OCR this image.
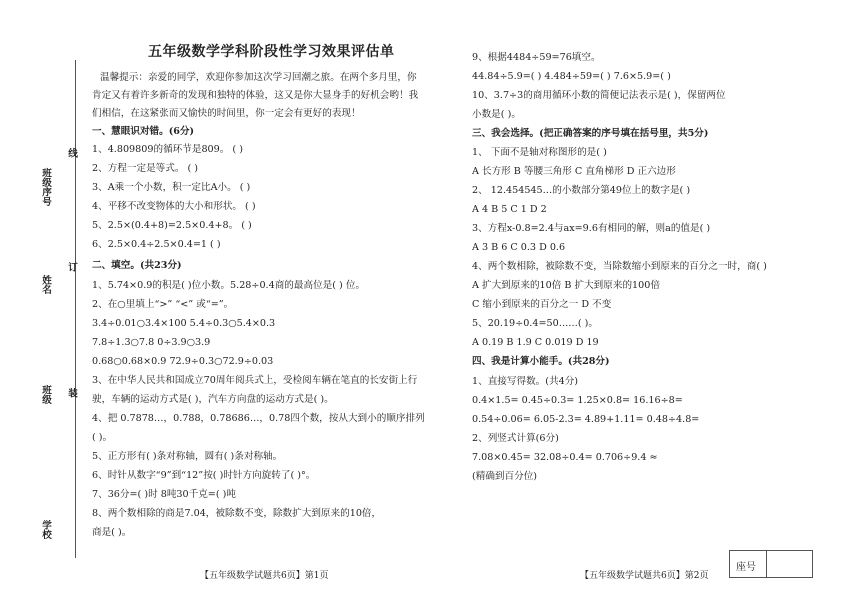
班级序号
线
姓名
订
班级 装
学校
五年级数学学科阶段性学习效果评估单
温馨提示：亲爱的同学，欢迎你参加这次学习回潮之旅。在两个多月里，你
肯定又有着许多新奇的发现和独特的体验，这又是你大显身手的好机会哟！我
们相信，在这紧张而又愉快的时间里，你一定会有更好的表现！
一、慧眼识对错。(6分)
1、4.809809的循环节是809。 ( )
2、方程一定是等式。 ( )
3、A乘一个小数，积一定比A小。 ( )
4、平移不改变物体的大小和形状。 ( )
5、2.5×(0.4+8)=2.5×0.4+8。 ( )
6、2.5×0.4÷2.5×0.4=1 ( )
二、填空。(共23分)
1、5.74×0.9的积是( )位小数。5.28÷0.4商的最高位是( ) 位。
2、在○里填上“>” “<” 或“=”。
3.4÷0.01○3.4×100 5.4÷0.3○5.4×0.3
7.8÷1.3○7.8 0÷3.9○3.9
0.68○0.68×0.9 72.9÷0.3○72.9÷0.03
3、在中华人民共和国成立70周年阅兵式上，受检阅车辆在笔直的长安街上行
驶，车辆的运动方式是( )，汽车方向盘的运动方式是( )。
4、把 0.7878…，0.788，0.78686…，0.78四个数，按从大到小的顺序排列
( )。
5、正方形有( )条对称轴，圆有( )条对称轴。
6、时针从数字“9”到“12”按( )时针方向旋转了( )°。
7、36分=( )时 8吨30千克=( )吨
8、两个数相除的商是7.04，被除数不变，除数扩大到原来的10倍，
商是( )。
9、根据4484÷59=76填空。
44.84÷5.9=( ) 4.484÷59=( ) 7.6×5.9=( )
10、3.7÷3的商用循环小数的简便记法表示是( )，保留两位
小数是( )。
三、我会选择。(把正确答案的序号填在括号里，共5分)
1、 下面不是轴对称图形的是( )
A 长方形 B 等腰三角形 C 直角梯形 D 正六边形
2、 12.454545…的小数部分第49位上的数字是( )
A 4 B 5 C 1 D 2
3、方程x-0.8=2.4与ax=9.6有相同的解，则a的值是( )
A 3 B 6 C 0.3 D 0.6
4、两个数相除，被除数不变，当除数缩小到原来的百分之一时，商( )
A 扩大到原来的10倍 B 扩大到原来的100倍
C 缩小到原来的百分之一 D 不变
5、20.19÷0.4=50……( )。
A 0.19 B 1.9 C 0.019 D 19
四、我是计算小能手。(共28分)
1、直接写得数。(共4分)
0.4×1.5= 0.45÷0.3= 1.25×0.8= 16.16÷8=
0.54÷0.06= 6.05-2.3= 4.89+1.11= 0.48÷4.8=
2、列竖式计算(6分)
7.08×0.45= 32.08÷0.4= 0.706÷9.4 ≈
(精确到百分位)
座号
【五年级数学试题共6页】第1页	【五年级数学试题共6页】第2页
